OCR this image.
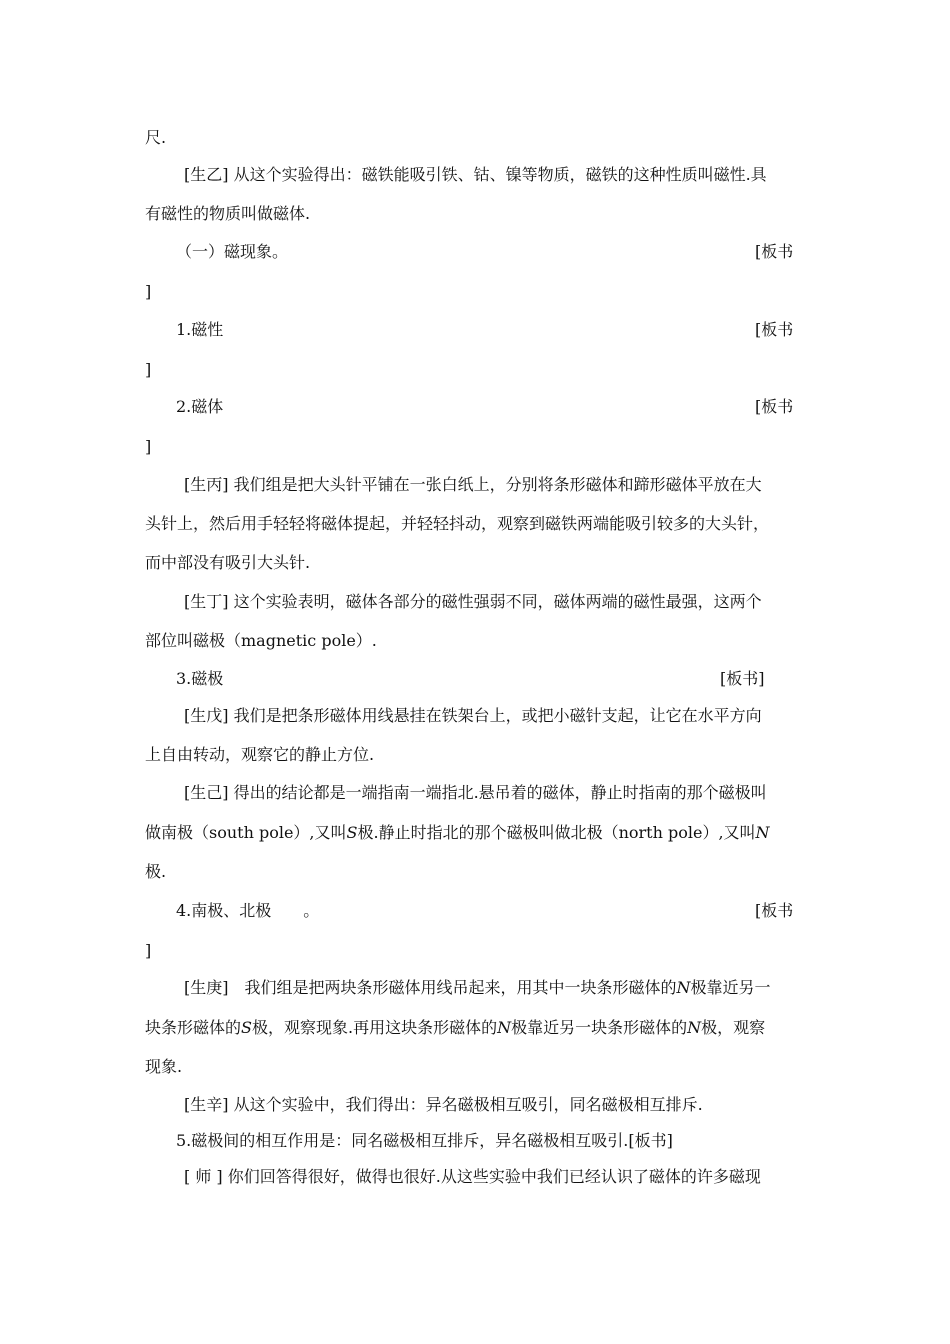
尺.
[生乙] 从这个实验得出：磁铁能吸引铁、钴、镍等物质，磁铁的这种性质叫磁性.具
有磁性的物质叫做磁体.
（一）磁现象。	[板书
]
1.磁性	[板书
]
2.磁体	[板书
]
[生丙] 我们组是把大头针平铺在一张白纸上，分别将条形磁体和蹄形磁体平放在大
头针上，然后用手轻轻将磁体提起，并轻轻抖动，观察到磁铁两端能吸引较多的大头针，
而中部没有吸引大头针.
[生丁] 这个实验表明，磁体各部分的磁性强弱不同，磁体两端的磁性最强，这两个
部位叫磁极（magnetic pole）.
3.磁极	[板书]
[生戊] 我们是把条形磁体用线悬挂在铁架台上，或把小磁针支起，让它在水平方向
上自由转动，观察它的静止方位.
[生己] 得出的结论都是一端指南一端指北.悬吊着的磁体，静止时指南的那个磁极叫
做南极（south pole）,又叫S极.静止时指北的那个磁极叫做北极（north pole）,又叫N
极.
4.南极、北极　　。	[板书
]
[生庚]　我们组是把两块条形磁体用线吊起来，用其中一块条形磁体的N极靠近另一
块条形磁体的S极，观察现象.再用这块条形磁体的N极靠近另一块条形磁体的N极，观察
现象.
[生辛] 从这个实验中，我们得出：异名磁极相互吸引，同名磁极相互排斥.
5.磁极间的相互作用是：同名磁极相互排斥，异名磁极相互吸引.[板书]
[ 师 ] 你们回答得很好，做得也很好.从这些实验中我们已经认识了磁体的许多磁现
